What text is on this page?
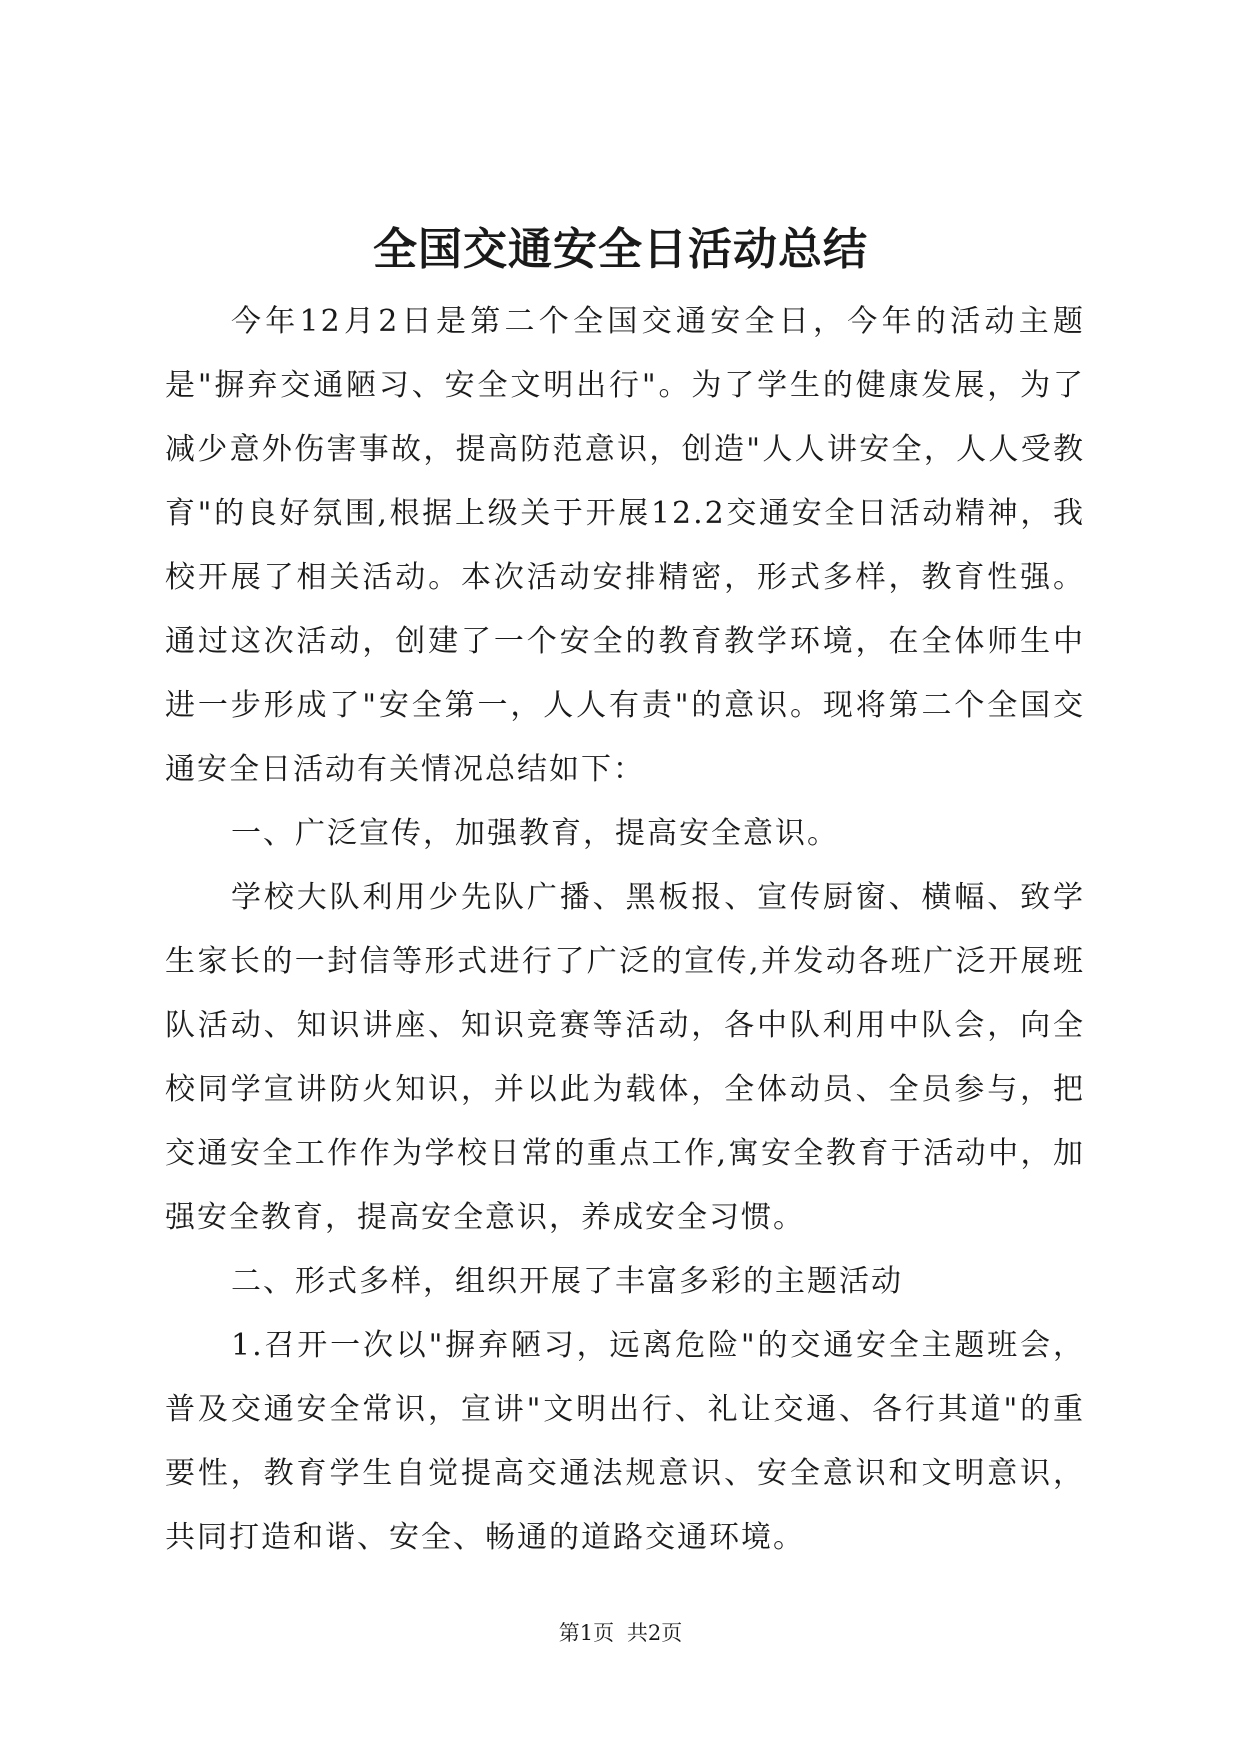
全国交通安全日活动总结

今年12月2日是第二个全国交通安全日，今年的活动主题是"摒弃交通陋习、安全文明出行"。为了学生的健康发展，为了减少意外伤害事故，提高防范意识，创造"人人讲安全，人人受教育"的良好氛围,根据上级关于开展12.2交通安全日活动精神，我校开展了相关活动。本次活动安排精密，形式多样，教育性强。通过这次活动，创建了一个安全的教育教学环境，在全体师生中进一步形成了"安全第一，人人有责"的意识。现将第二个全国交通安全日活动有关情况总结如下：

一、广泛宣传，加强教育，提高安全意识。

学校大队利用少先队广播、黑板报、宣传厨窗、横幅、致学生家长的一封信等形式进行了广泛的宣传,并发动各班广泛开展班队活动、知识讲座、知识竞赛等活动，各中队利用中队会，向全校同学宣讲防火知识，并以此为载体，全体动员、全员参与，把交通安全工作作为学校日常的重点工作,寓安全教育于活动中，加强安全教育，提高安全意识，养成安全习惯。

二、形式多样，组织开展了丰富多彩的主题活动

1.召开一次以"摒弃陋习，远离危险"的交通安全主题班会，普及交通安全常识，宣讲"文明出行、礼让交通、各行其道"的重要性，教育学生自觉提高交通法规意识、安全意识和文明意识，共同打造和谐、安全、畅通的道路交通环境。

第1页 共2页
